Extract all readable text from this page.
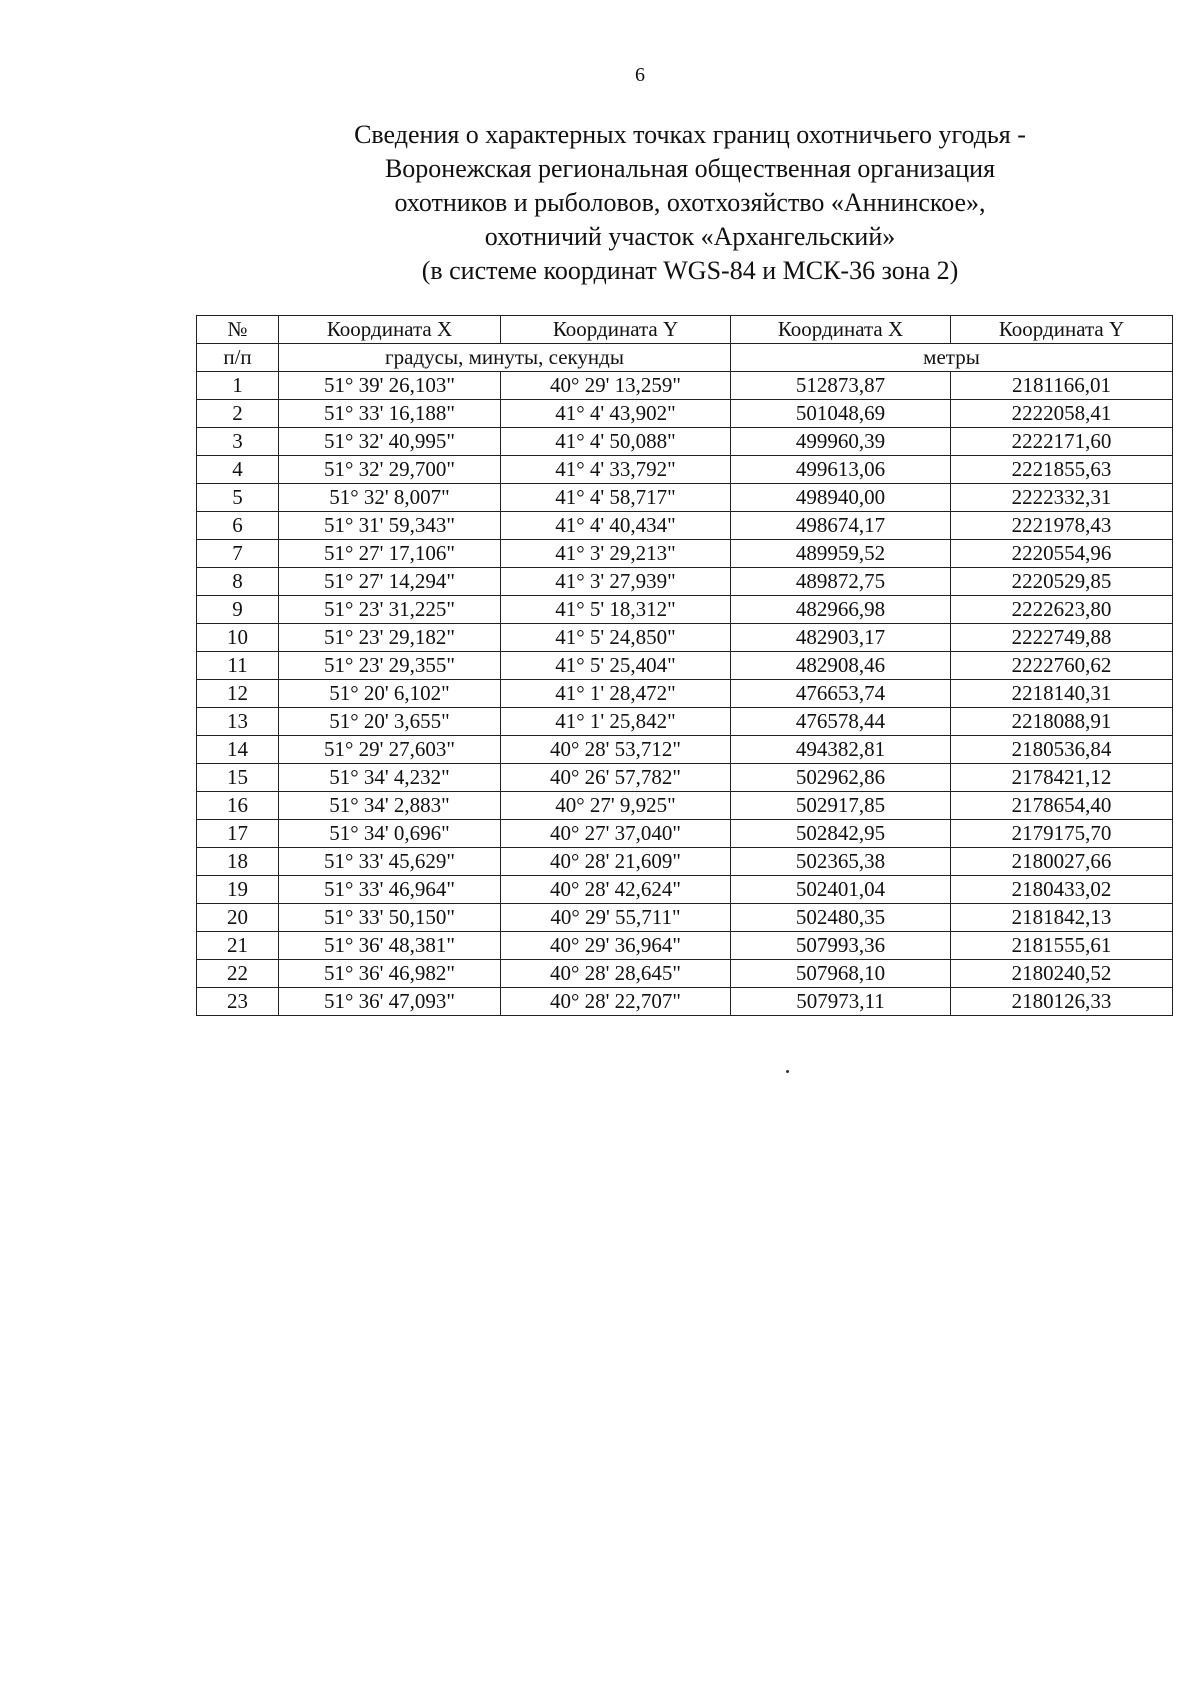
6
Сведения о характерных точках границ охотничьего угодья -
Воронежская региональная общественная организация
охотников и рыболовов, охотхозяйство «Аннинское»,
охотничий участок «Архангельский»
(в системе координат WGS-84 и МСК-36 зона 2)
№	Координата X	Координата Y	Координата X	Координата Y
п/п	градусы, минуты, секунды		метры	
1	51° 39' 26,103"	40° 29' 13,259"	512873,87	2181166,01
2	51° 33' 16,188"	41° 4' 43,902"	501048,69	2222058,41
3	51° 32' 40,995"	41° 4' 50,088"	499960,39	2222171,60
4	51° 32' 29,700"	41° 4' 33,792"	499613,06	2221855,63
5	51° 32' 8,007"	41° 4' 58,717"	498940,00	2222332,31
6	51° 31' 59,343"	41° 4' 40,434"	498674,17	2221978,43
7	51° 27' 17,106"	41° 3' 29,213"	489959,52	2220554,96
8	51° 27' 14,294"	41° 3' 27,939"	489872,75	2220529,85
9	51° 23' 31,225"	41° 5' 18,312"	482966,98	2222623,80
10	51° 23' 29,182"	41° 5' 24,850"	482903,17	2222749,88
11	51° 23' 29,355"	41° 5' 25,404"	482908,46	2222760,62
12	51° 20' 6,102"	41° 1' 28,472"	476653,74	2218140,31
13	51° 20' 3,655"	41° 1' 25,842"	476578,44	2218088,91
14	51° 29' 27,603"	40° 28' 53,712"	494382,81	2180536,84
15	51° 34' 4,232"	40° 26' 57,782"	502962,86	2178421,12
16	51° 34' 2,883"	40° 27' 9,925"	502917,85	2178654,40
17	51° 34' 0,696"	40° 27' 37,040"	502842,95	2179175,70
18	51° 33' 45,629"	40° 28' 21,609"	502365,38	2180027,66
19	51° 33' 46,964"	40° 28' 42,624"	502401,04	2180433,02
20	51° 33' 50,150"	40° 29' 55,711"	502480,35	2181842,13
21	51° 36' 48,381"	40° 29' 36,964"	507993,36	2181555,61
22	51° 36' 46,982"	40° 28' 28,645"	507968,10	2180240,52
23	51° 36' 47,093"	40° 28' 22,707"	507973,11	2180126,33
